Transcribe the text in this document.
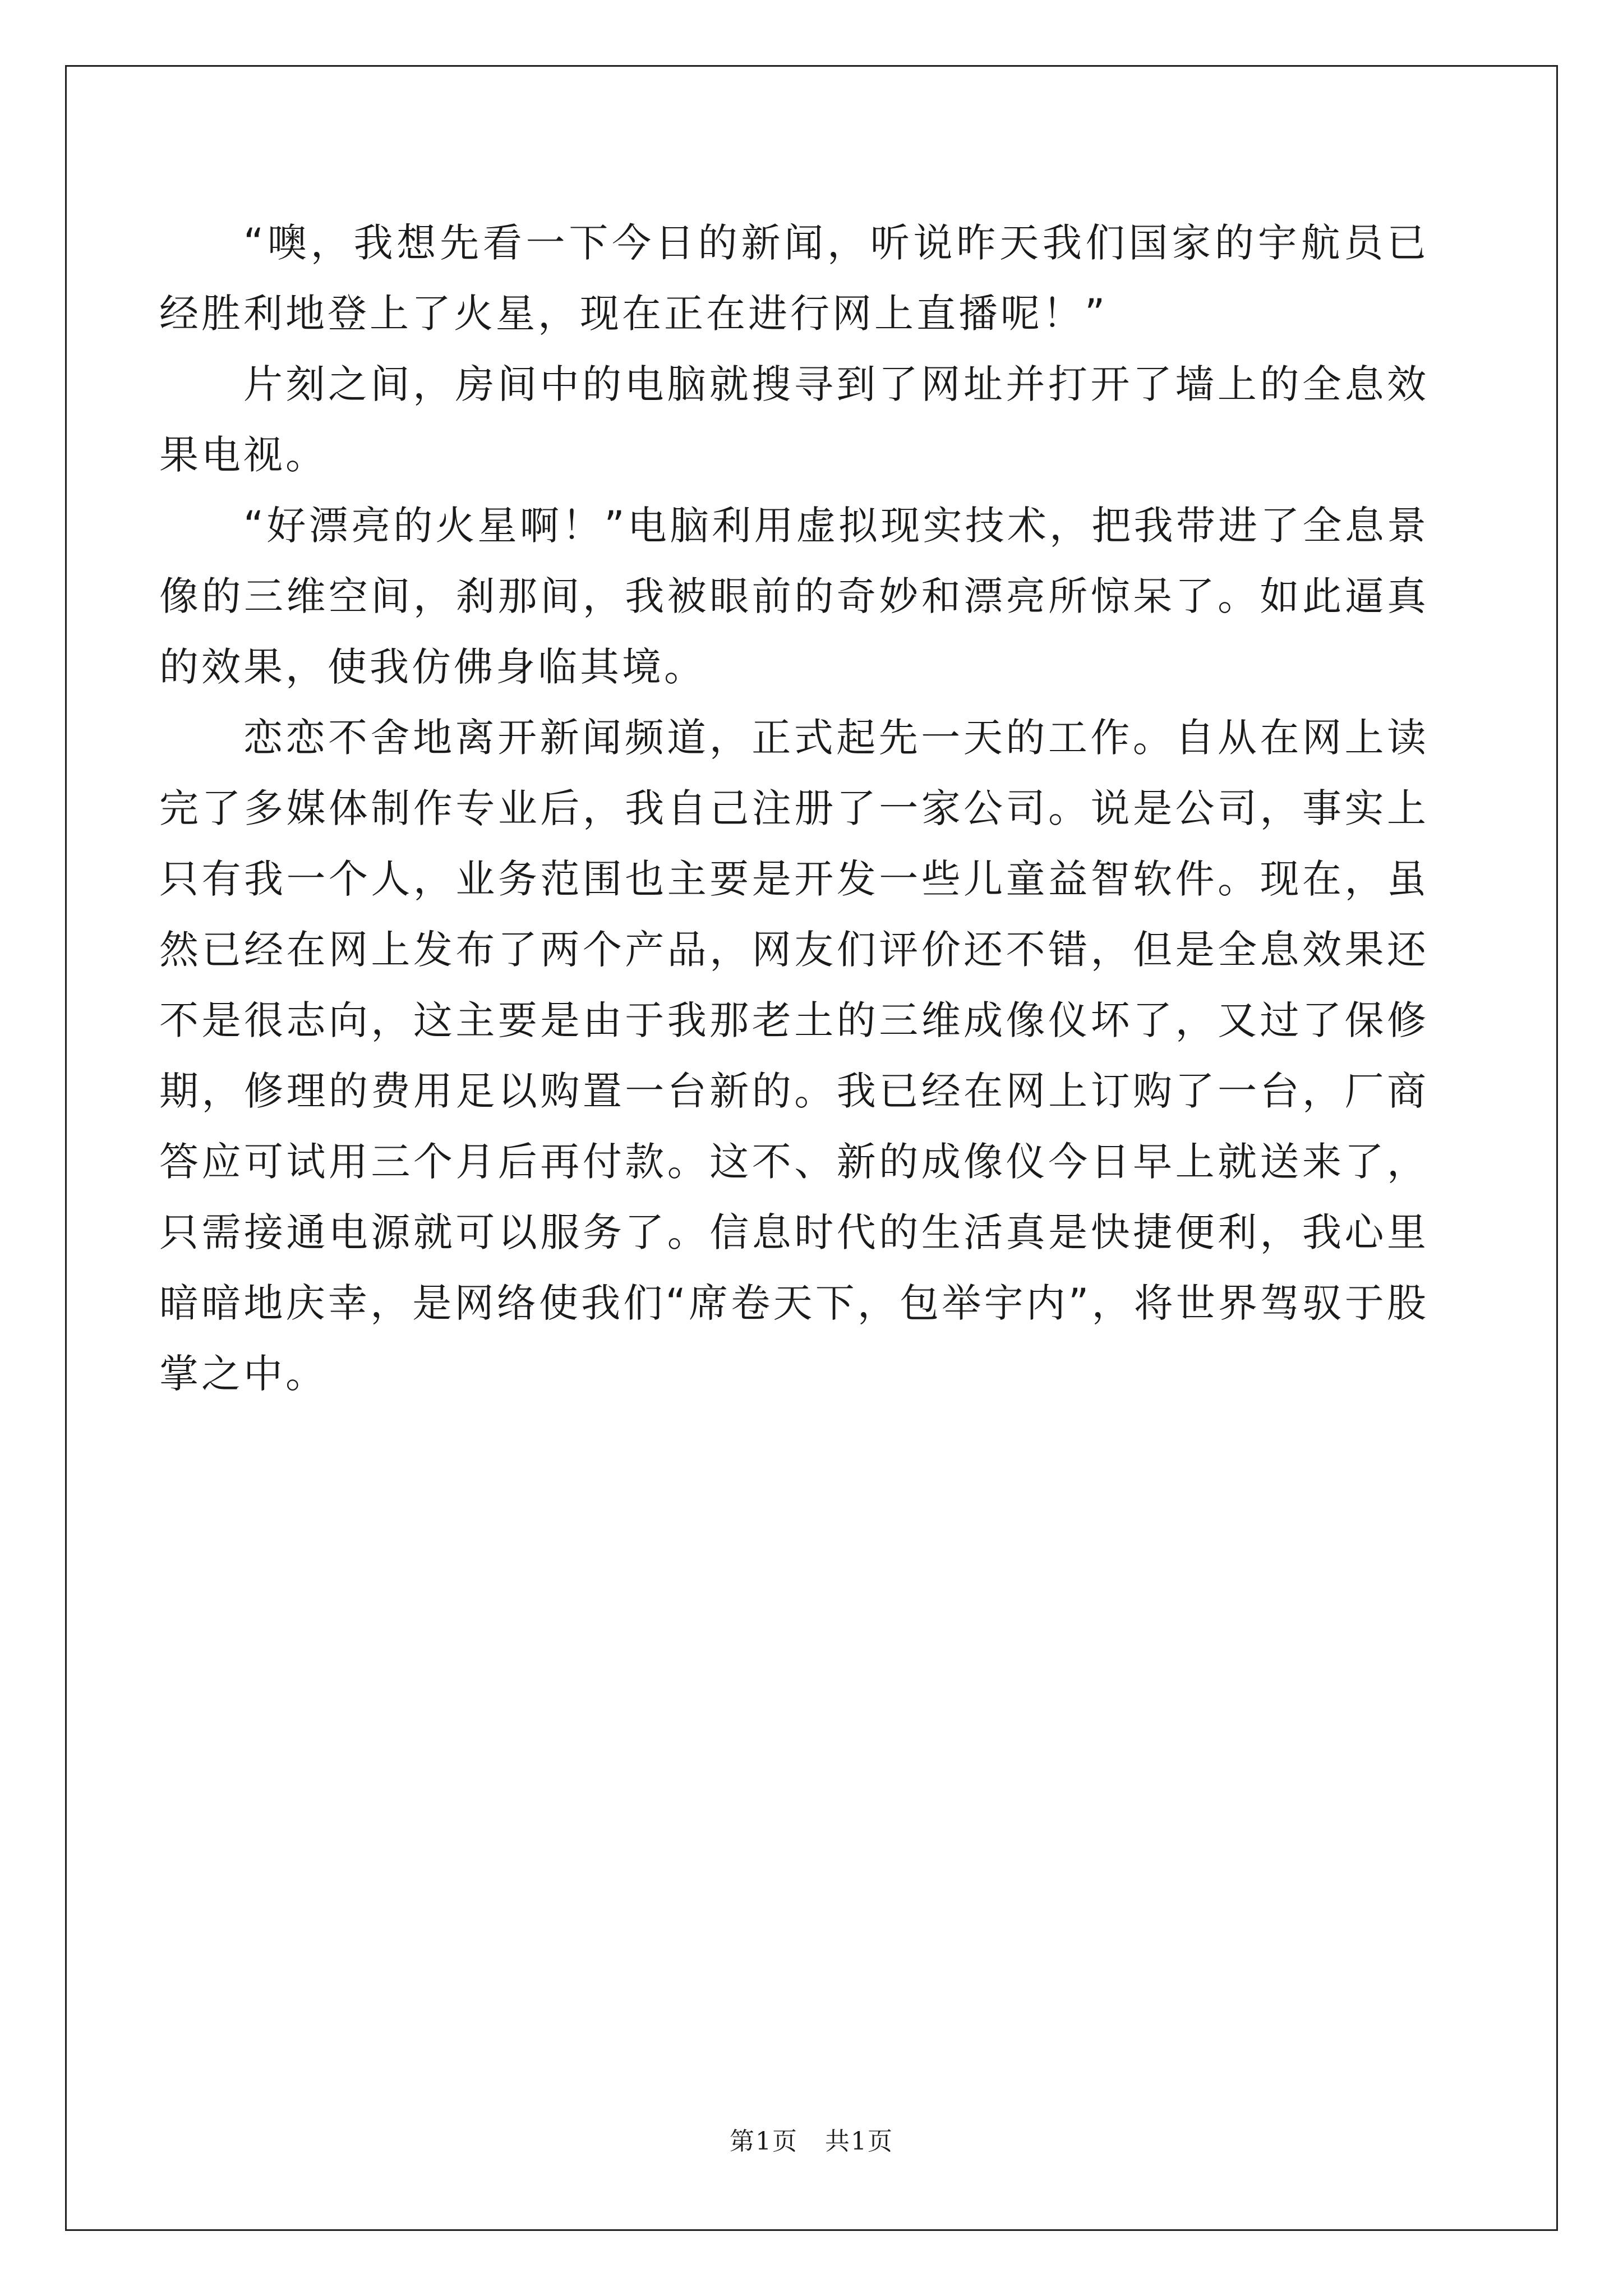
“噢，我想先看一下今日的新闻，听说昨天我们国家的宇航员已经胜利地登上了火星，现在正在进行网上直播呢！”

片刻之间，房间中的电脑就搜寻到了网址并打开了墙上的全息效果电视。

“好漂亮的火星啊！”电脑利用虚拟现实技术，把我带进了全息景像的三维空间，刹那间，我被眼前的奇妙和漂亮所惊呆了。如此逼真的效果，使我仿佛身临其境。

恋恋不舍地离开新闻频道，正式起先一天的工作。自从在网上读完了多媒体制作专业后，我自己注册了一家公司。说是公司，事实上只有我一个人，业务范围也主要是开发一些儿童益智软件。现在，虽然已经在网上发布了两个产品，网友们评价还不错，但是全息效果还不是很志向，这主要是由于我那老土的三维成像仪坏了，又过了保修期，修理的费用足以购置一台新的。我已经在网上订购了一台，厂商答应可试用三个月后再付款。这不、新的成像仪今日早上就送来了，只需接通电源就可以服务了。信息时代的生活真是快捷便利，我心里暗暗地庆幸，是网络使我们“席卷天下，包举宇内”，将世界驾驭于股掌之中。

第1页 共1页
